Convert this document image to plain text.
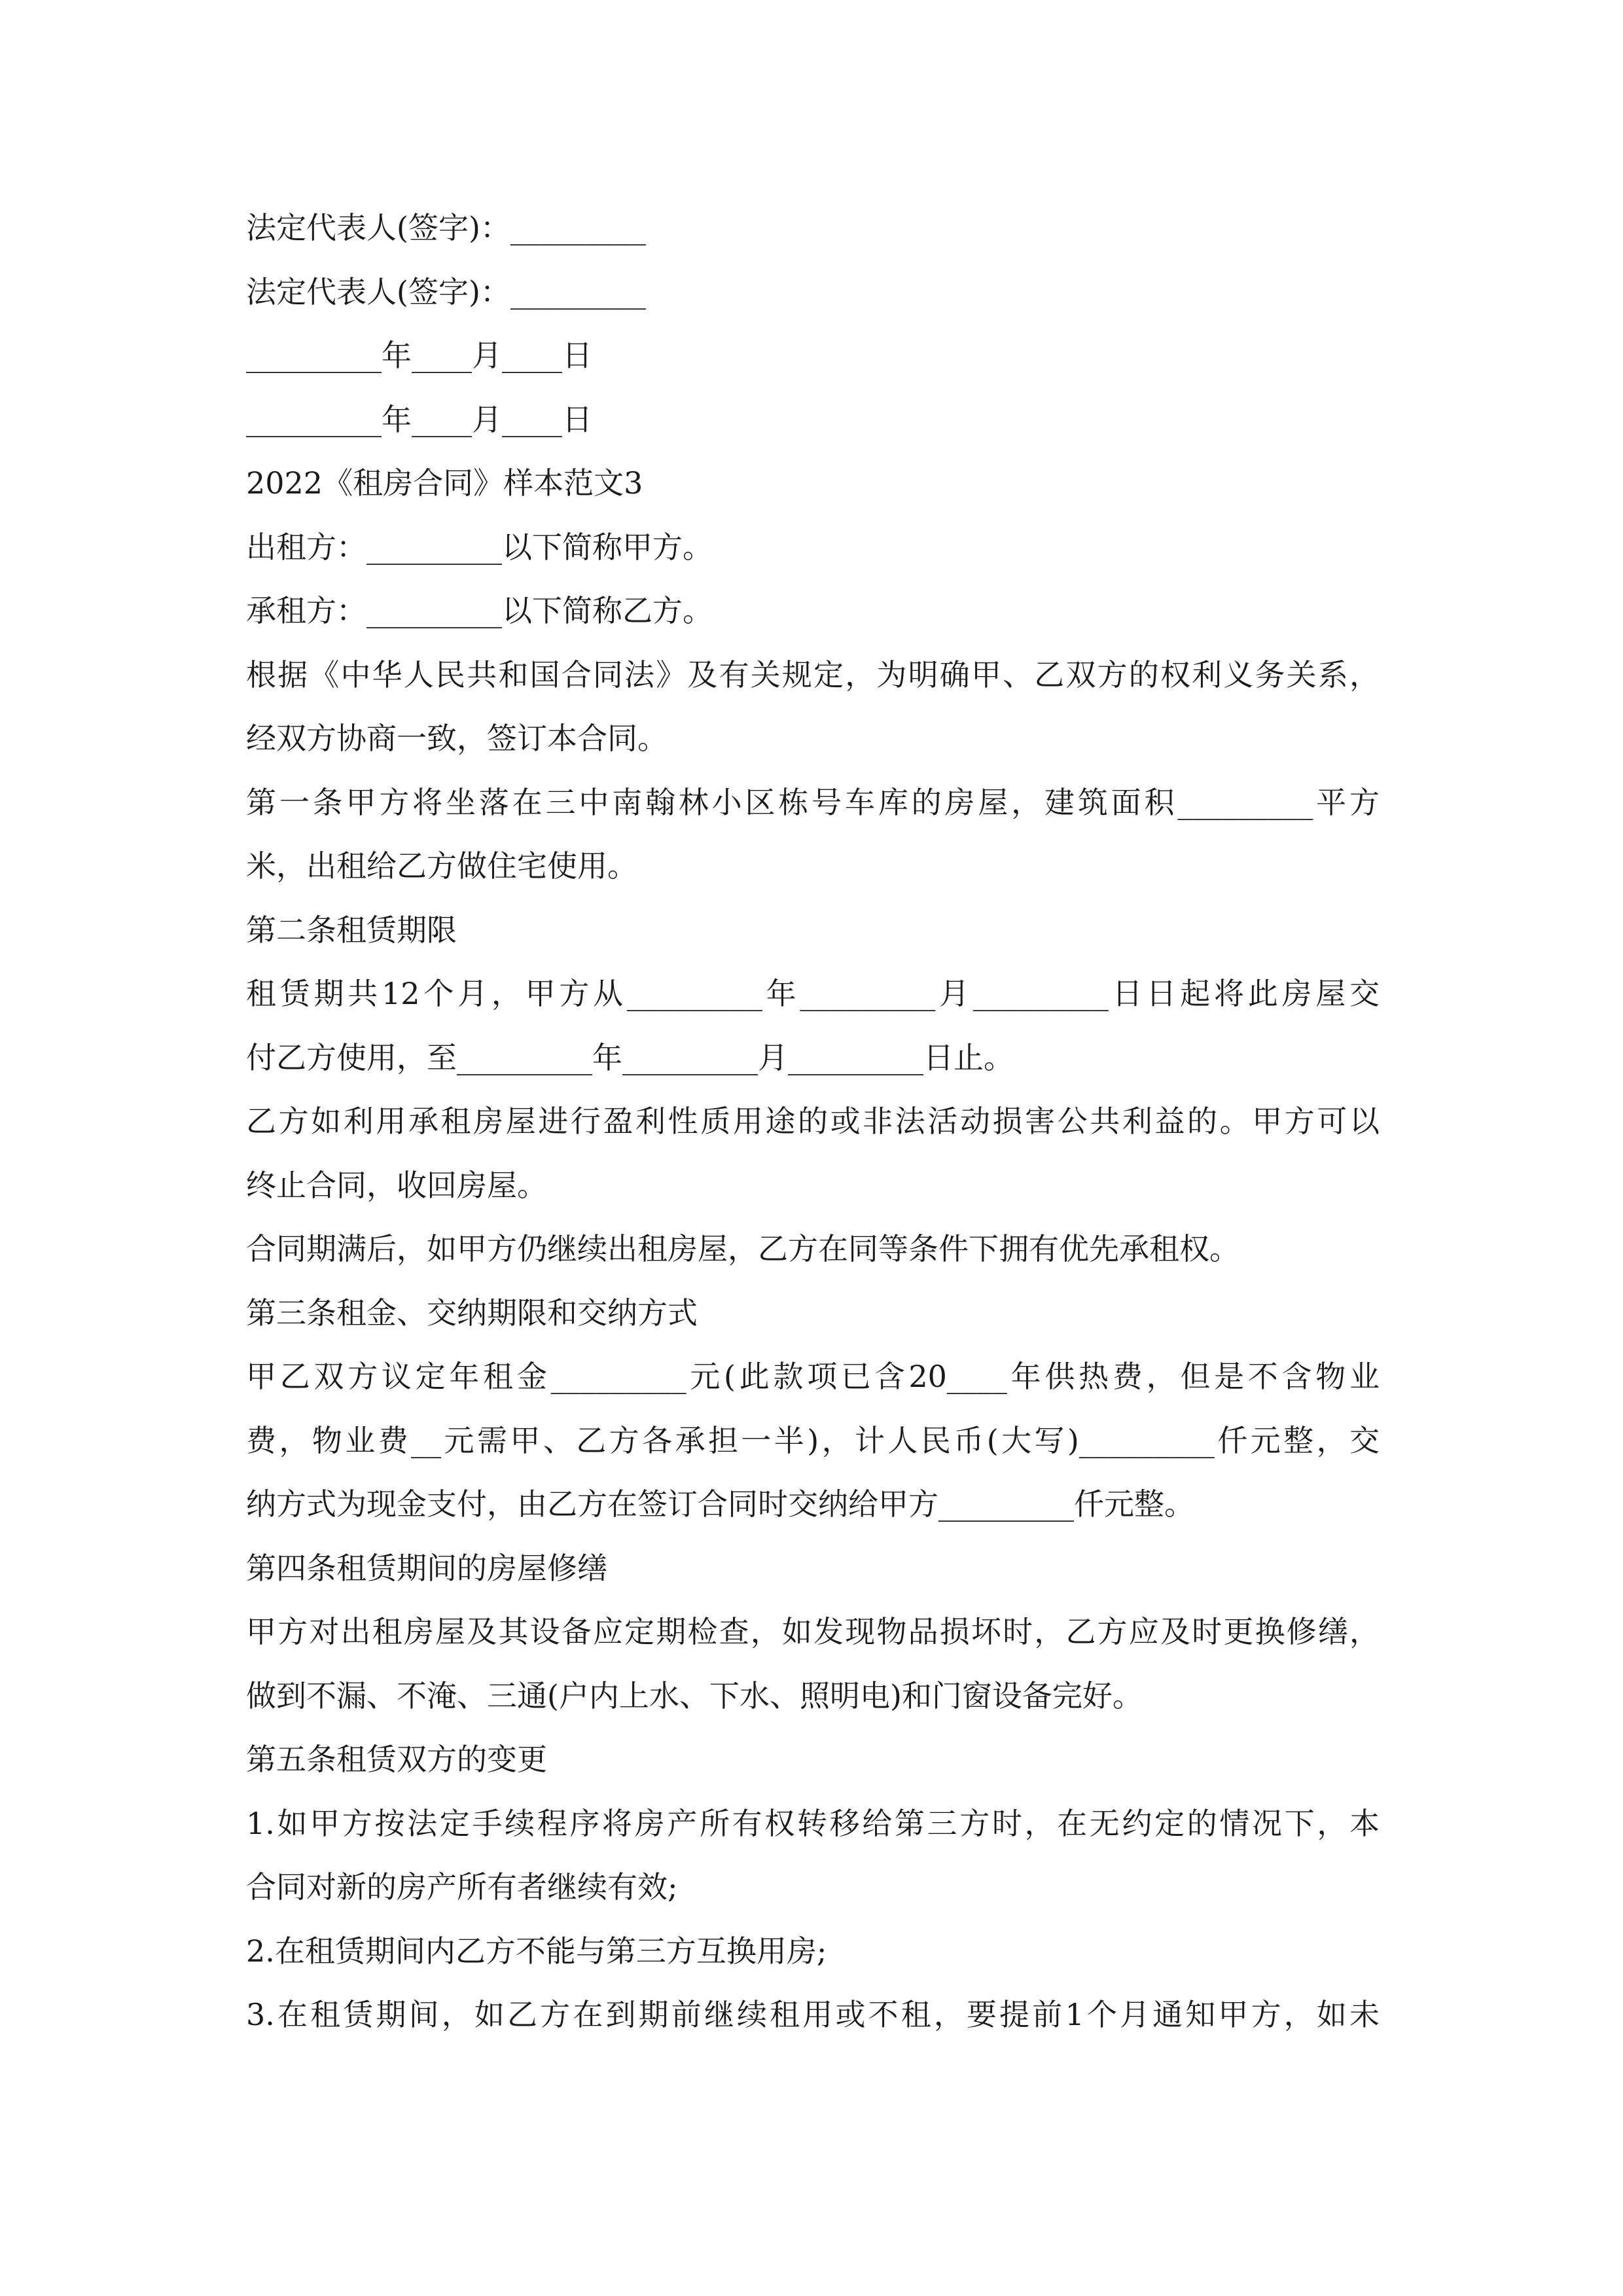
法定代表人(签字)：_________
法定代表人(签字)：_________
_________年____月____日
_________年____月____日
2022《租房合同》样本范文3
出租方：_________以下简称甲方。
承租方：_________以下简称乙方。
根据《中华人民共和国合同法》及有关规定，为明确甲、乙双方的权利义务关系，
经双方协商一致，签订本合同。
第一条甲方将坐落在三中南翰林小区栋号车库的房屋，建筑面积_________平方
米，出租给乙方做住宅使用。
第二条租赁期限
租赁期共12个月，甲方从_________年_________月_________日日起将此房屋交
付乙方使用，至_________年_________月_________日止。
乙方如利用承租房屋进行盈利性质用途的或非法活动损害公共利益的。甲方可以
终止合同，收回房屋。
合同期满后，如甲方仍继续出租房屋，乙方在同等条件下拥有优先承租权。
第三条租金、交纳期限和交纳方式
甲乙双方议定年租金_________元(此款项已含20____年供热费，但是不含物业
费，物业费__元需甲、乙方各承担一半)，计人民币(大写)_________仟元整，交
纳方式为现金支付，由乙方在签订合同时交纳给甲方_________仟元整。
第四条租赁期间的房屋修缮
甲方对出租房屋及其设备应定期检查，如发现物品损坏时，乙方应及时更换修缮，
做到不漏、不淹、三通(户内上水、下水、照明电)和门窗设备完好。
第五条租赁双方的变更
1.如甲方按法定手续程序将房产所有权转移给第三方时，在无约定的情况下，本
合同对新的房产所有者继续有效;
2.在租赁期间内乙方不能与第三方互换用房;
3.在租赁期间，如乙方在到期前继续租用或不租，要提前1个月通知甲方，如未
